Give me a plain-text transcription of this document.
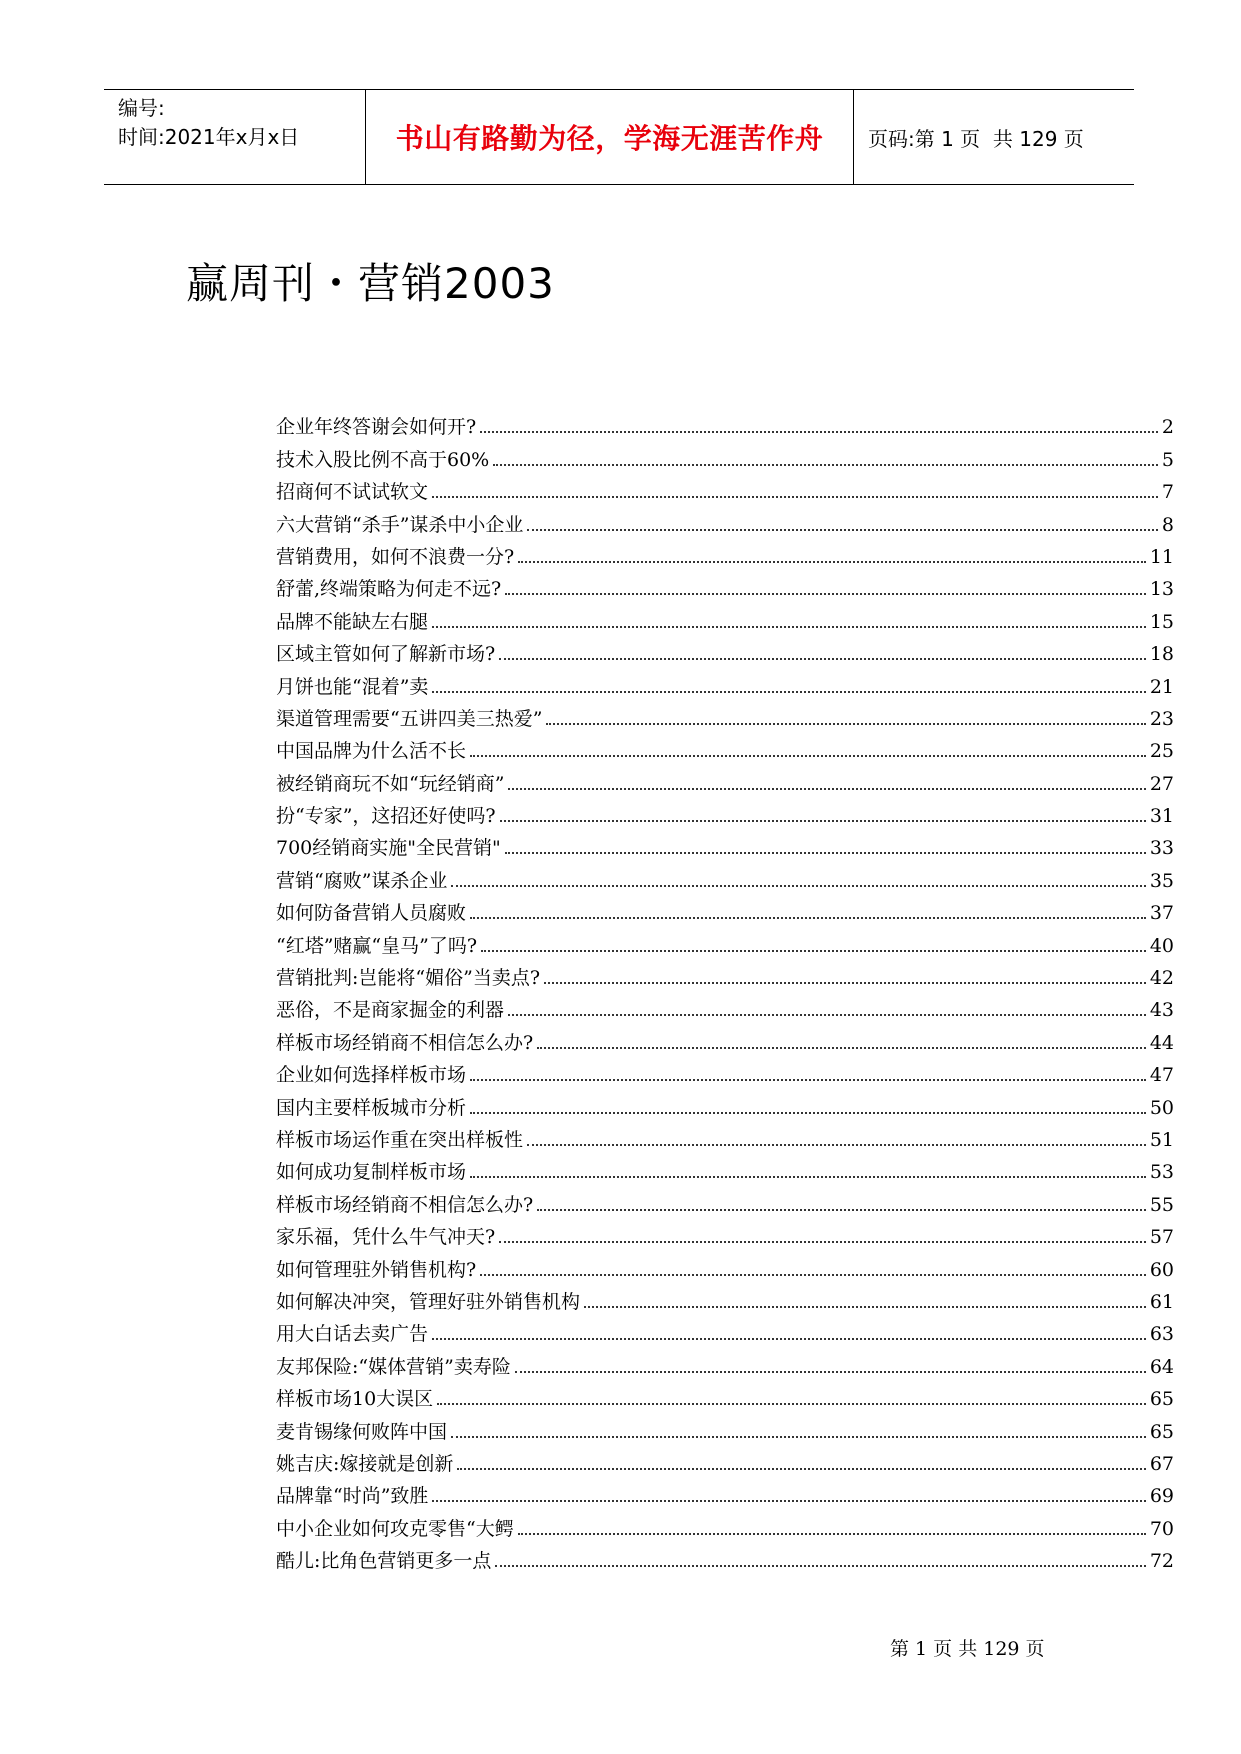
编号:
时间:2021年x月x日	书山有路勤为径，学海无涯苦作舟 页码:第 1 页  共 129 页
赢周刊・营销2003
企业年终答谢会如何开?	2
技术入股比例不高于60%	5
招商何不试试软文	7
六大营销“杀手”谋杀中小企业	8
营销费用，如何不浪费一分?	11
舒蕾,终端策略为何走不远?	13
品牌不能缺左右腿	15
区域主管如何了解新市场?	18
月饼也能“混着”卖	21
渠道管理需要“五讲四美三热爱”	23
中国品牌为什么活不长	25
被经销商玩不如“玩经销商”	27
扮“专家”，这招还好使吗?	31
700经销商实施"全民营销"	33
营销“腐败”谋杀企业	35
如何防备营销人员腐败	37
“红塔”赌赢“皇马”了吗?	40
营销批判:岂能将“媚俗”当卖点?	42
恶俗，不是商家掘金的利器	43
样板市场经销商不相信怎么办?	44
企业如何选择样板市场	47
国内主要样板城市分析	50
样板市场运作重在突出样板性	51
如何成功复制样板市场	53
样板市场经销商不相信怎么办?	55
家乐福，凭什么牛气冲天?	57
如何管理驻外销售机构?	60
如何解决冲突，管理好驻外销售机构	61
用大白话去卖广告	63
友邦保险:“媒体营销”卖寿险	64
样板市场10大误区	65
麦肯锡缘何败阵中国	65
姚吉庆:嫁接就是创新	67
品牌靠“时尚”致胜	69
中小企业如何攻克零售“大鳄	70
酷儿:比角色营销更多一点	72
第 1 页 共 129 页
